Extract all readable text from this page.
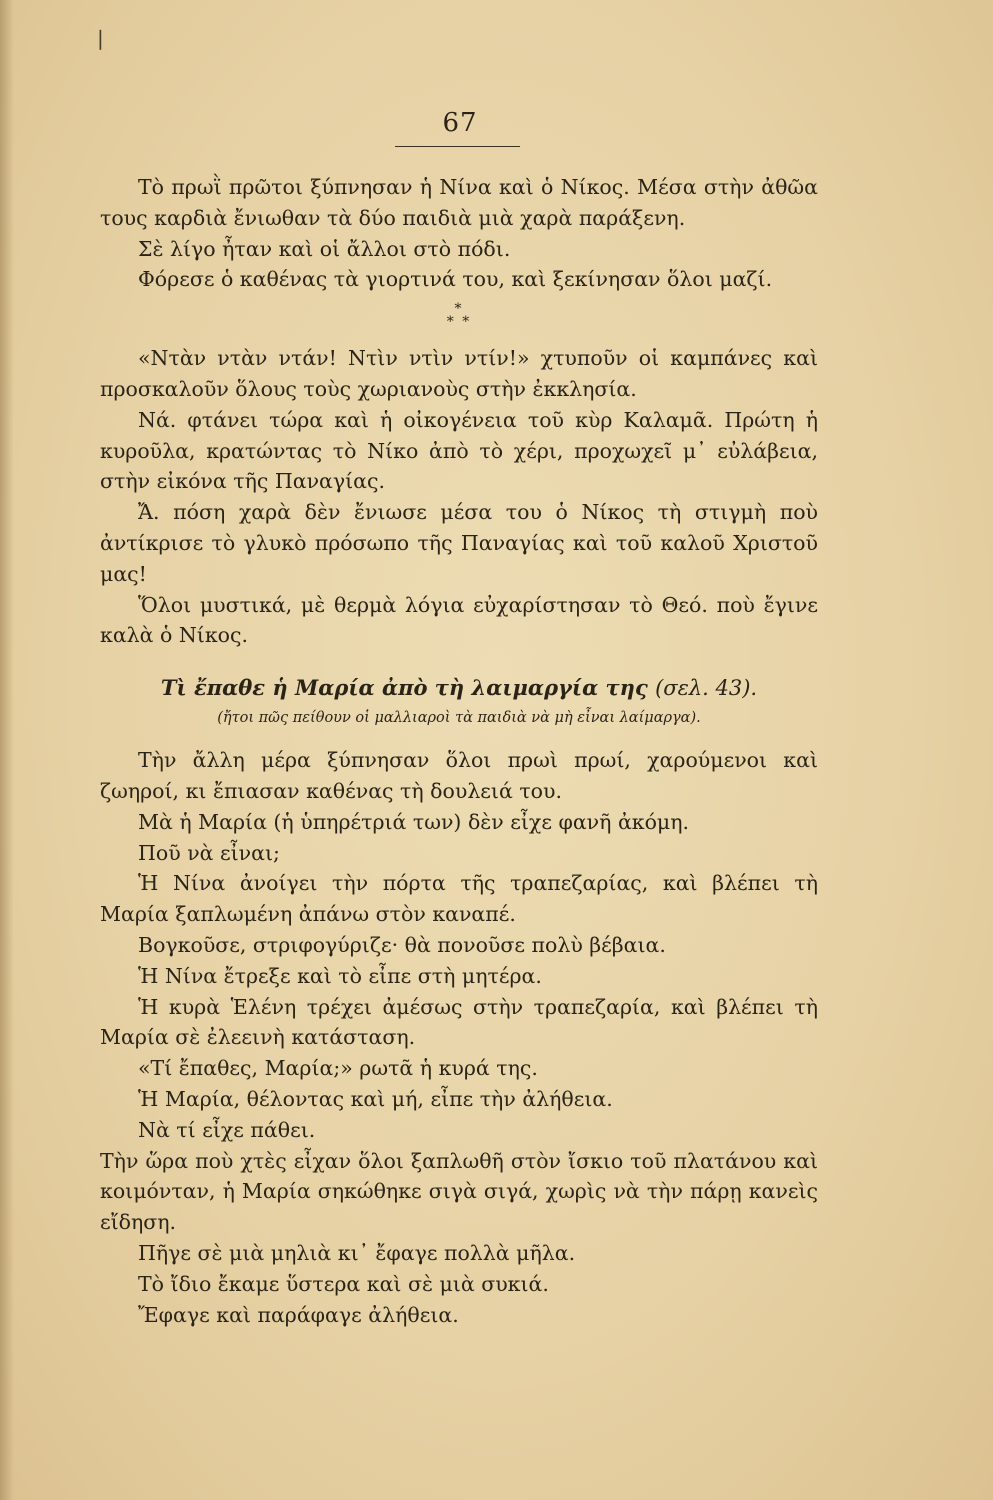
❘
67

Τὸ πρωῒ πρῶτοι ξύπνησαν ἡ Νίνα καὶ ὁ Νίκος. Μέσα στὴν ἀθῶα τους καρδιὰ ἔνιωθαν τὰ δύο παιδιὰ μιὰ χαρὰ παράξενη.

Σὲ λίγο ἦταν καὶ οἱ ἄλλοι στὸ πόδι.

Φόρεσε ὁ καθένας τὰ γιορτινά του, καὶ ξεκίνησαν ὅλοι μαζί.

*
* *

«Ντὰν ντὰν ντάν! Ντὶν ντὶν ντίν!» χτυποῦν οἱ καμπάνες καὶ προσκαλοῦν ὅλους τοὺς χωριανοὺς στὴν ἐκκλησία.

Νά. φτάνει τώρα καὶ ἡ οἰκογένεια τοῦ κὺρ Καλαμᾶ. Πρώτη ἡ κυροῦλα, κρατώντας τὸ Νίκο ἀπὸ τὸ χέρι, προχωχεῖ μ᾽ εὐλάβεια, στὴν εἰκόνα τῆς Παναγίας.

Ἄ. πόση χαρὰ δὲν ἔνιωσε μέσα του ὁ Νίκος τὴ στιγμὴ ποὺ ἀντίκρισε τὸ γλυκὸ πρόσωπο τῆς Παναγίας καὶ τοῦ καλοῦ Χριστοῦ μας!

Ὅλοι μυστικά, μὲ θερμὰ λόγια εὐχαρίστησαν τὸ Θεό. ποὺ ἔγινε καλὰ ὁ Νίκος.

Τὶ ἔπαθε ἡ Μαρία ἀπὸ τὴ λαιμαργία της (σελ. 43).
(ἤτοι πῶς πείθουν οἱ μαλλιαροὶ τὰ παιδιὰ νὰ μὴ εἶναι λαίμαργα).

Τὴν ἄλλη μέρα ξύπνησαν ὅλοι πρωὶ πρωί, χαρούμενοι καὶ ζωηροί, κι ἔπιασαν καθένας τὴ δουλειά του.

Μὰ ἡ Μαρία (ἡ ὑπηρέτριά των) δὲν εἶχε φανῆ ἀκόμη.

Ποῦ νὰ εἶναι;

Ἡ Νίνα ἀνοίγει τὴν πόρτα τῆς τραπεζαρίας, καὶ βλέπει τὴ Μαρία ξαπλωμένη ἀπάνω στὸν καναπέ.

Βογκοῦσε, στριφογύριζε· θὰ πονοῦσε πολὺ βέβαια.

Ἡ Νίνα ἔτρεξε καὶ τὸ εἶπε στὴ μητέρα.

Ἡ κυρὰ Ἑλένη τρέχει ἀμέσως στὴν τραπεζαρία, καὶ βλέπει τὴ Μαρία σὲ ἐλεεινὴ κατάσταση.

«Τί ἔπαθες, Μαρία;» ρωτᾶ ἡ κυρά της.

Ἡ Μαρία, θέλοντας καὶ μή, εἶπε τὴν ἀλήθεια.

Νὰ τί εἶχε πάθει.

Τὴν ὥρα ποὺ χτὲς εἶχαν ὅλοι ξαπλωθῆ στὸν ἴσκιο τοῦ πλατάνου καὶ κοιμόνταν, ἡ Μαρία σηκώθηκε σιγὰ σιγά, χωρὶς νὰ τὴν πάρῃ κανεὶς εἴδηση.

Πῆγε σὲ μιὰ μηλιὰ κι᾽ ἔφαγε πολλὰ μῆλα.

Τὸ ἴδιο ἔκαμε ὕστερα καὶ σὲ μιὰ συκιά.

Ἔφαγε καὶ παράφαγε ἀλήθεια.
